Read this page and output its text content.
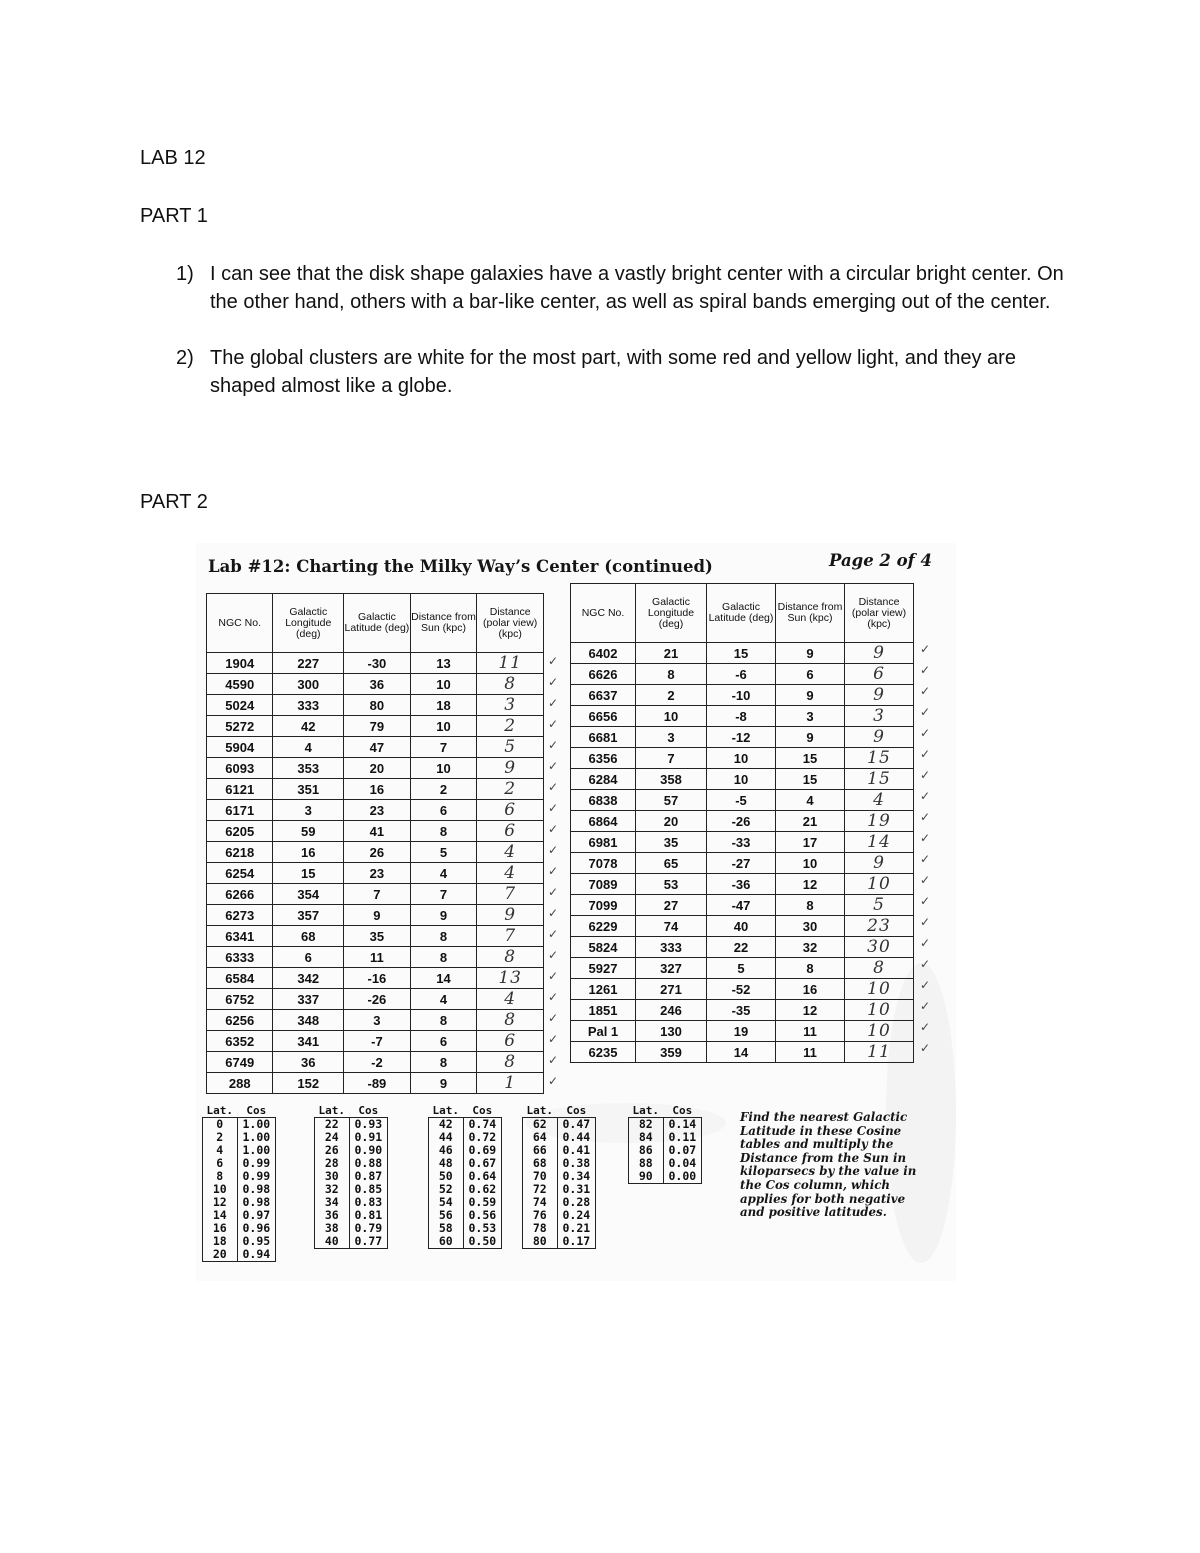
LAB 12
PART 1
1) I can see that the disk shape galaxies have a vastly bright center with a circular bright center. On the other hand, others with a bar-like center, as well as spiral bands emerging out of the center.
2) The global clusters are white for the most part, with some red and yellow light, and they are shaped almost like a globe.
PART 2
Lab #12: Charting the Milky Way’s Center (continued)	Page 2 of 4
NGC No.	Galactic Longitude (deg)	Galactic Latitude (deg)	Distance from Sun (kpc)	Distance (polar view) (kpc)
1904	227	-30	13	11
4590	300	36	10	8
5024	333	80	18	3
5272	42	79	10	2
5904	4	47	7	5
6093	353	20	10	9
6121	351	16	2	2
6171	3	23	6	6
6205	59	41	8	6
6218	16	26	5	4
6254	15	23	4	4
6266	354	7	7	7
6273	357	9	9	9
6341	68	35	8	7
6333	6	11	8	8
6584	342	-16	14	13
6752	337	-26	4	4
6256	348	3	8	8
6352	341	-7	6	6
6749	36	-2	8	8
288	152	-89	9	1
✓
✓
✓
✓
✓
✓
✓
✓
✓
✓
✓
✓
✓
✓
✓
✓
✓
✓
✓
✓
✓
NGC No.	Galactic Longitude (deg)	Galactic Latitude (deg)	Distance from Sun (kpc)	Distance (polar view) (kpc)
6402	21	15	9	9
6626	8	-6	6	6
6637	2	-10	9	9
6656	10	-8	3	3
6681	3	-12	9	9
6356	7	10	15	15
6284	358	10	15	15
6838	57	-5	4	4
6864	20	-26	21	19
6981	35	-33	17	14
7078	65	-27	10	9
7089	53	-36	12	10
7099	27	-47	8	5
6229	74	40	30	23
5824	333	22	32	30
5927	327	5	8	8
1261	271	-52	16	10
1851	246	-35	12	10
Pal 1	130	19	11	10
6235	359	14	11	11
✓
✓
✓
✓
✓
✓
✓
✓
✓
✓
✓
✓
✓
✓
✓
✓
✓
✓
✓
✓
Lat.	Cos
0	1.00
2	1.00
4	1.00
6	0.99
8	0.99
10	0.98
12	0.98
14	0.97
16	0.96
18	0.95
20	0.94
Lat.	Cos
22	0.93
24	0.91
26	0.90
28	0.88
30	0.87
32	0.85
34	0.83
36	0.81
38	0.79
40	0.77
Lat.	Cos
42	0.74
44	0.72
46	0.69
48	0.67
50	0.64
52	0.62
54	0.59
56	0.56
58	0.53
60	0.50
Lat.	Cos
62	0.47
64	0.44
66	0.41
68	0.38
70	0.34
72	0.31
74	0.28
76	0.24
78	0.21
80	0.17
Lat.	Cos
82	0.14
84	0.11
86	0.07
88	0.04
90	0.00
Find the nearest Galactic Latitude in these Cosine tables and multiply the Distance from the Sun in kiloparsecs by the value in the Cos column, which applies for both negative and positive latitudes.
